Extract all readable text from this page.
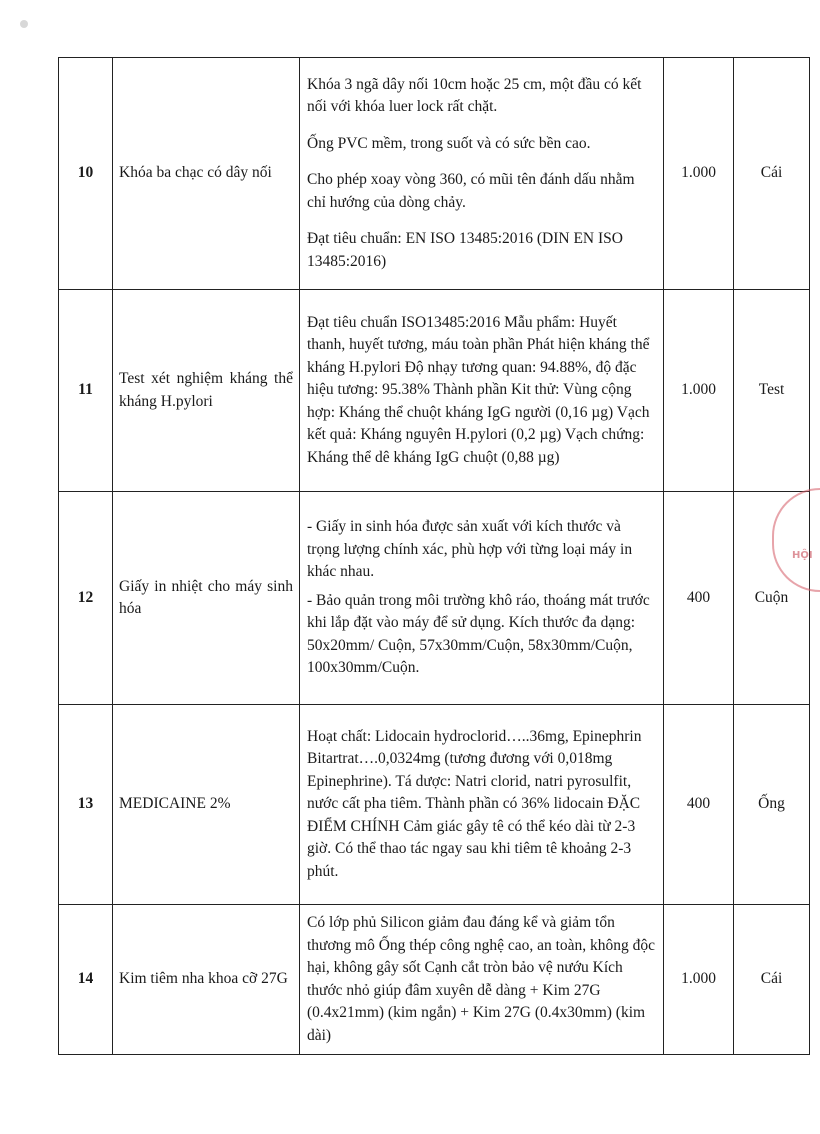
10	Khóa ba chạc có dây nối	Khóa 3 ngã dây nối 10cm hoặc 25 cm, một đầu có kết nối với khóa luer lock rất chặt.
Ống PVC mềm, trong suốt và có sức bền cao.
Cho phép xoay vòng 360, có mũi tên đánh dấu nhằm chỉ hướng của dòng chảy.
Đạt tiêu chuẩn: EN ISO 13485:2016 (DIN EN ISO 13485:2016)	1.000	Cái
11	Test xét nghiệm kháng thể kháng H.pylori	Đạt tiêu chuẩn ISO13485:2016 Mẫu phẩm: Huyết thanh, huyết tương, máu toàn phần Phát hiện kháng thể kháng H.pylori Độ nhạy tương quan: 94.88%, độ đặc hiệu tương: 95.38% Thành phần Kit thử: Vùng cộng hợp: Kháng thể chuột kháng IgG người (0,16 µg) Vạch kết quả: Kháng nguyên H.pylori (0,2 µg) Vạch chứng: Kháng thể dê kháng IgG chuột (0,88 µg)	1.000	Test
12	Giấy in nhiệt cho máy sinh hóa	- Giấy in sinh hóa được sản xuất với kích thước và trọng lượng chính xác, phù hợp với từng loại máy in khác nhau.
- Bảo quản trong môi trường khô ráo, thoáng mát trước khi lắp đặt vào máy để sử dụng. Kích thước đa dạng: 50x20mm/ Cuộn, 57x30mm/Cuộn, 58x30mm/Cuộn, 100x30mm/Cuộn.	400	Cuộn
13	MEDICAINE 2%	Hoạt chất: Lidocain hydroclorid…..36mg, Epinephrin Bitartrat….0,0324mg (tương đương với 0,018mg Epinephrine). Tá dược: Natri clorid, natri pyrosulfit, nước cất pha tiêm. Thành phần có 36% lidocain ĐẶC ĐIỂM CHÍNH Cảm giác gây tê có thể kéo dài từ 2-3 giờ. Có thể thao tác ngay sau khi tiêm tê khoảng 2-3 phút.	400	Ống
14	Kim tiêm nha khoa cỡ 27G	Có lớp phủ Silicon giảm đau đáng kể và giảm tổn thương mô Ống thép công nghệ cao, an toàn, không độc hại, không gây sốt Cạnh cắt tròn bảo vệ nướu Kích thước nhỏ giúp đâm xuyên dễ dàng + Kim 27G (0.4x21mm) (kim ngắn) + Kim 27G (0.4x30mm) (kim dài)	1.000	Cái
HỘI
